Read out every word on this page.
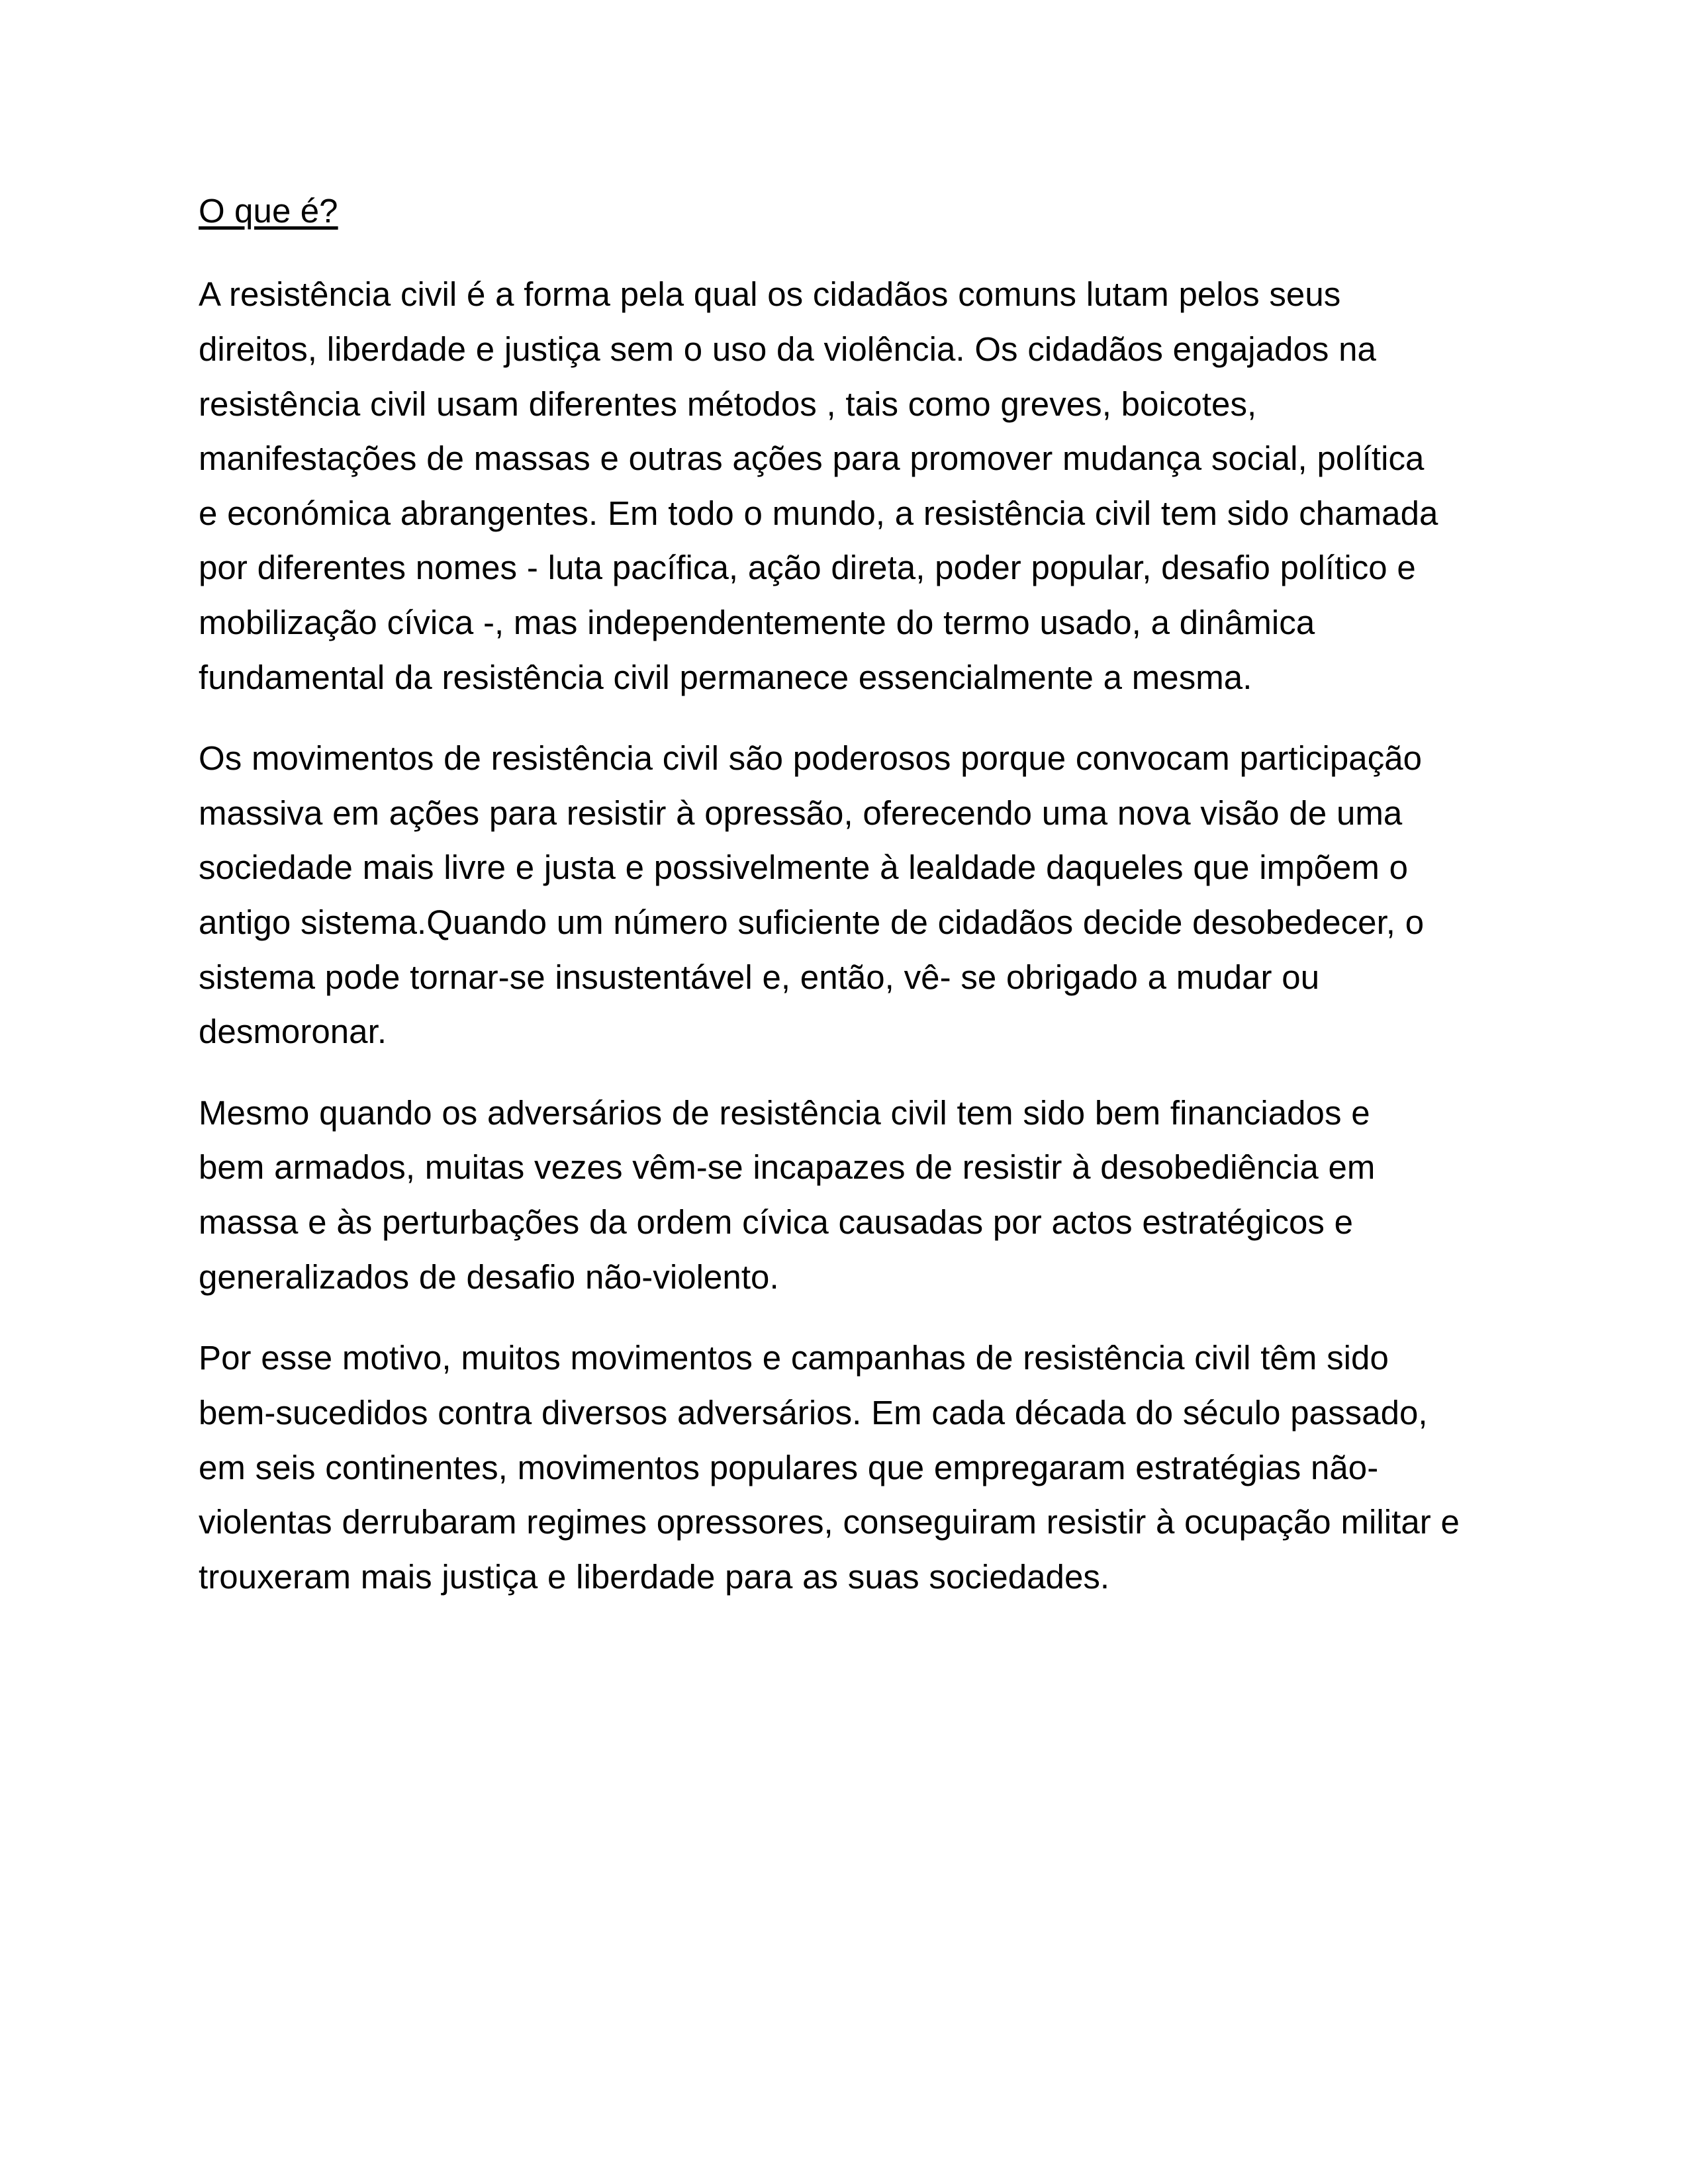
O que é?

A resistência civil é a forma pela qual os cidadãos comuns lutam pelos seus direitos, liberdade e justiça sem o uso da violência. Os cidadãos engajados na resistência civil usam diferentes métodos , tais como greves, boicotes, manifestações de massas e outras ações para promover mudança social, política e económica abrangentes. Em todo o mundo, a resistência civil tem sido chamada por diferentes nomes - luta pacífica, ação direta, poder popular, desafio político e mobilização cívica -, mas independentemente do termo usado, a dinâmica fundamental da resistência civil permanece essencialmente a mesma.

Os movimentos de resistência civil são poderosos porque convocam participação massiva em ações para resistir à opressão, oferecendo uma nova visão de uma sociedade mais livre e justa e possivelmente à lealdade daqueles que impõem o antigo sistema.Quando um número suficiente de cidadãos decide desobedecer, o sistema pode tornar-se insustentável e, então, vê- se obrigado a mudar ou desmoronar.

Mesmo quando os adversários de resistência civil tem sido bem financiados e bem armados, muitas vezes vêm-se incapazes de resistir à desobediência em massa e às perturbações da ordem cívica causadas por actos estratégicos e generalizados de desafio não-violento.

Por esse motivo, muitos movimentos e campanhas de resistência civil têm sido bem-sucedidos contra diversos adversários. Em cada década do século passado, em seis continentes, movimentos populares que empregaram estratégias não-violentas derrubaram regimes opressores, conseguiram resistir à ocupação militar e trouxeram mais justiça e liberdade para as suas sociedades.
